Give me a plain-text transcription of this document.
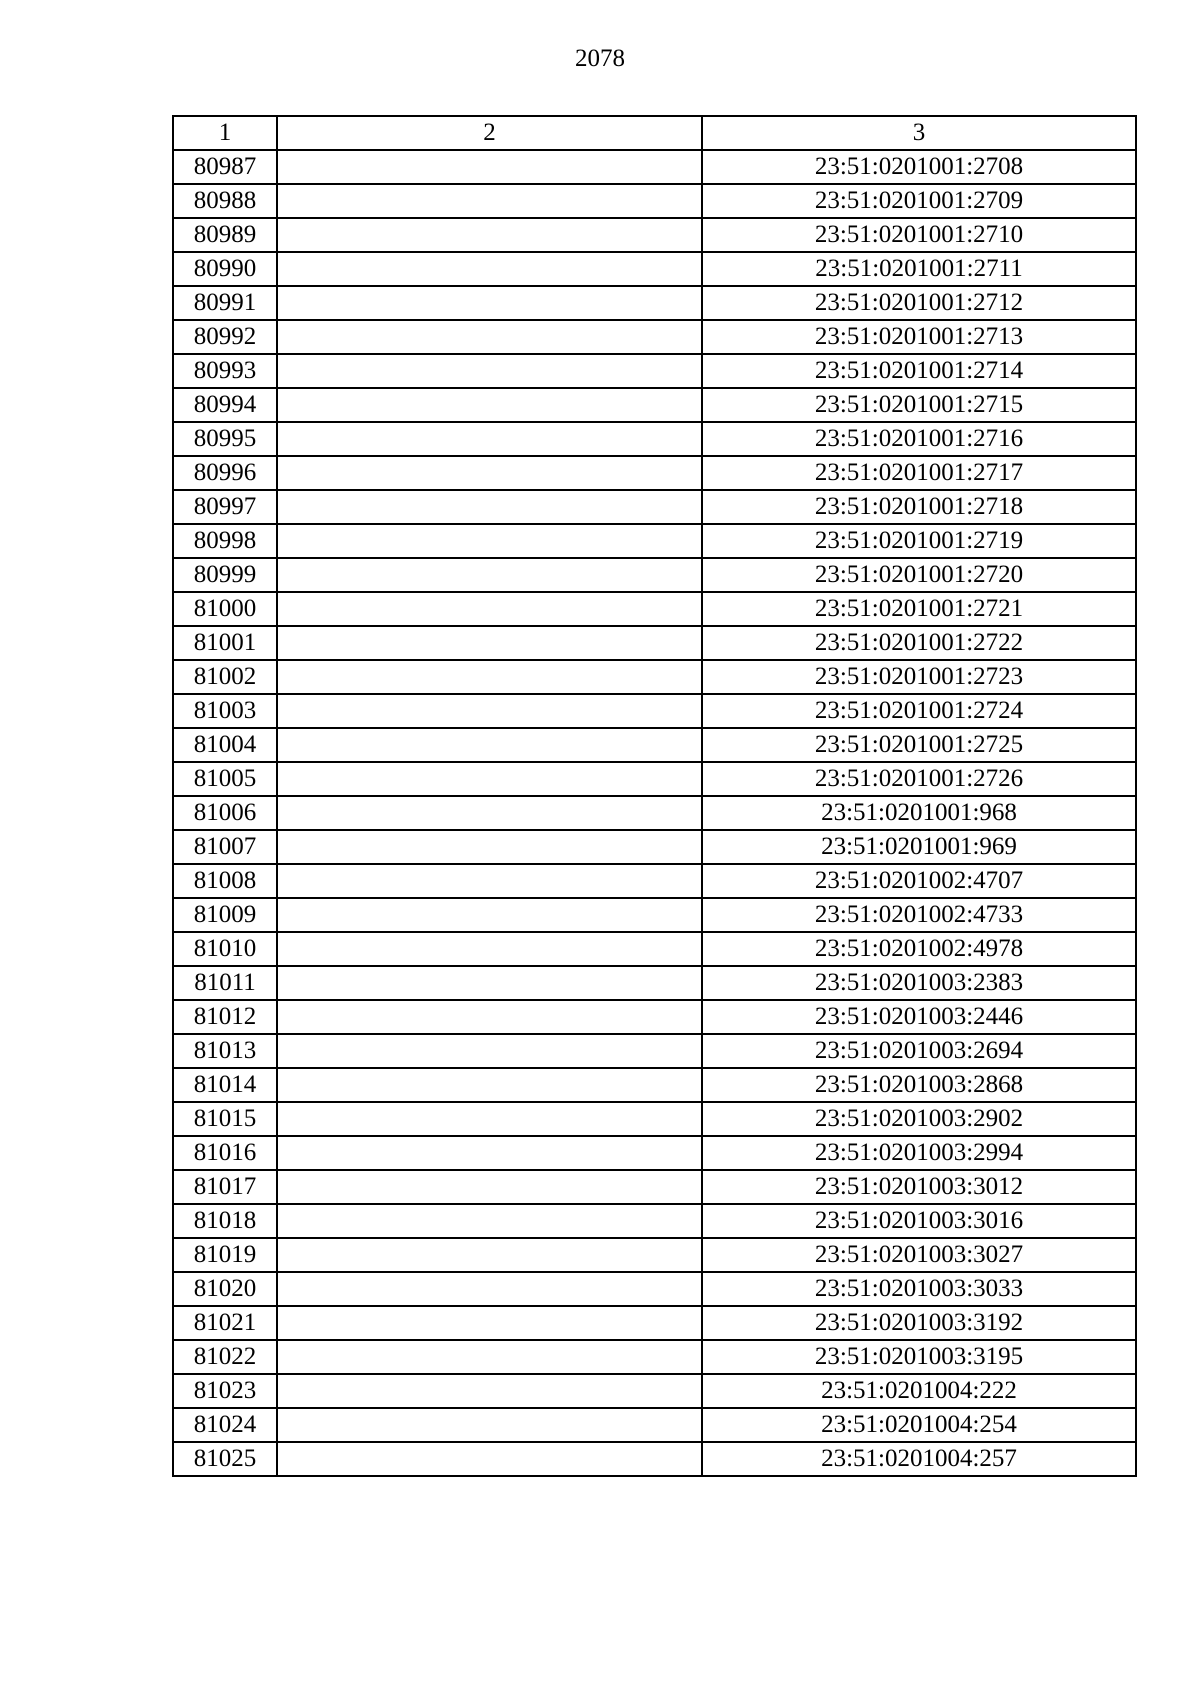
2078
1	2	3
80987		23:51:0201001:2708
80988		23:51:0201001:2709
80989		23:51:0201001:2710
80990		23:51:0201001:2711
80991		23:51:0201001:2712
80992		23:51:0201001:2713
80993		23:51:0201001:2714
80994		23:51:0201001:2715
80995		23:51:0201001:2716
80996		23:51:0201001:2717
80997		23:51:0201001:2718
80998		23:51:0201001:2719
80999		23:51:0201001:2720
81000		23:51:0201001:2721
81001		23:51:0201001:2722
81002		23:51:0201001:2723
81003		23:51:0201001:2724
81004		23:51:0201001:2725
81005		23:51:0201001:2726
81006		23:51:0201001:968
81007		23:51:0201001:969
81008		23:51:0201002:4707
81009		23:51:0201002:4733
81010		23:51:0201002:4978
81011		23:51:0201003:2383
81012		23:51:0201003:2446
81013		23:51:0201003:2694
81014		23:51:0201003:2868
81015		23:51:0201003:2902
81016		23:51:0201003:2994
81017		23:51:0201003:3012
81018		23:51:0201003:3016
81019		23:51:0201003:3027
81020		23:51:0201003:3033
81021		23:51:0201003:3192
81022		23:51:0201003:3195
81023		23:51:0201004:222
81024		23:51:0201004:254
81025		23:51:0201004:257
